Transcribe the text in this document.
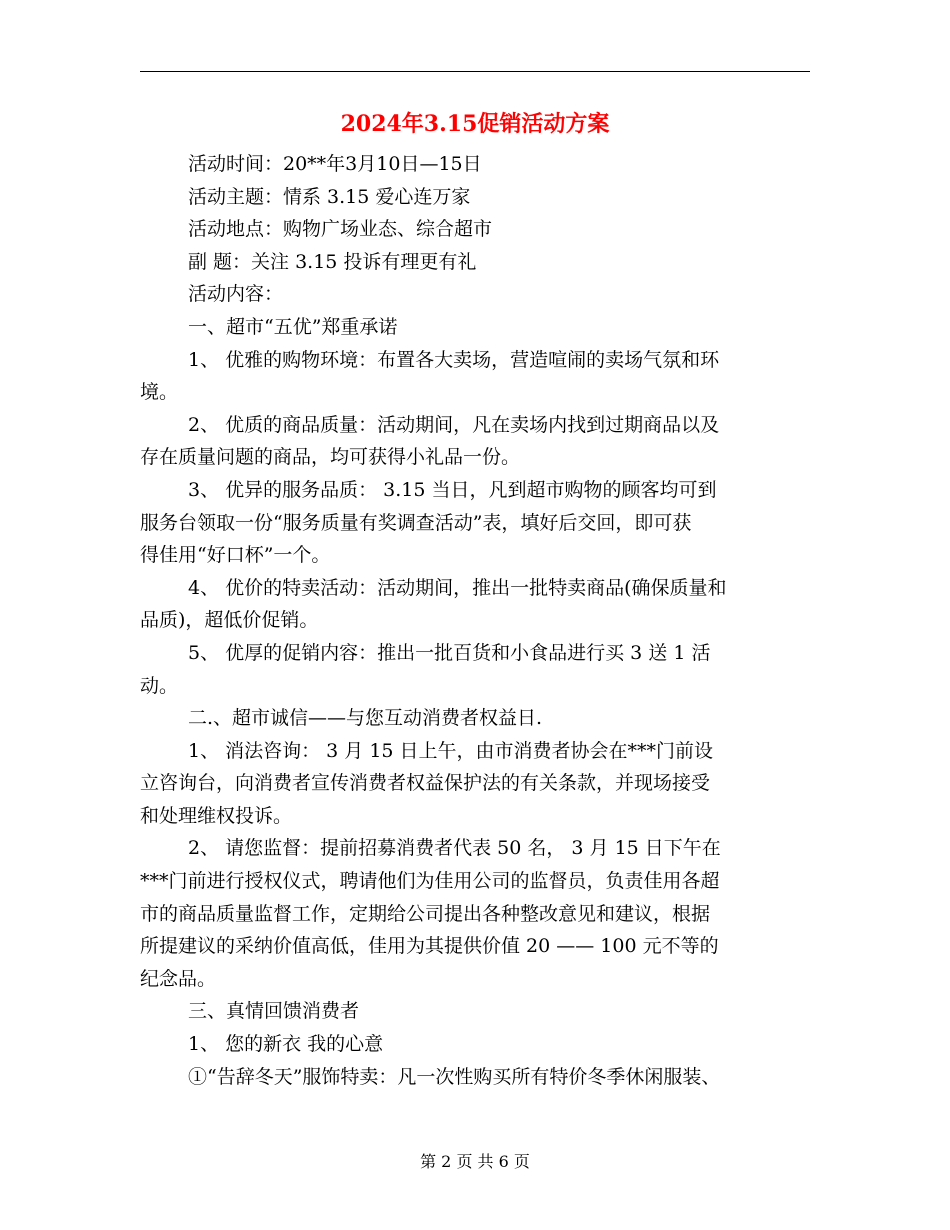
2024年3.15促销活动方案
活动时间：20**年3月10日—15日
活动主题：情系 3.15 爱心连万家
活动地点：购物广场业态、综合超市
副 题：关注 3.15 投诉有理更有礼
活动内容：
一、超市“五优”郑重承诺
1、 优雅的购物环境：布置各大卖场，营造喧闹的卖场气氛和环
境。
2、 优质的商品质量：活动期间，凡在卖场内找到过期商品以及
存在质量问题的商品，均可获得小礼品一份。
3、 优异的服务品质： 3.15 当日，凡到超市购物的顾客均可到
服务台领取一份“服务质量有奖调查活动”表，填好后交回，即可获
得佳用“好口杯”一个。
4、 优价的特卖活动：活动期间，推出一批特卖商品(确保质量和
品质)，超低价促销。
5、 优厚的促销内容：推出一批百货和小食品进行买 3 送 1 活
动。
二.、超市诚信——与您互动消费者权益日.
1、 消法咨询： 3 月 15 日上午，由市消费者协会在***门前设
立咨询台，向消费者宣传消费者权益保护法的有关条款，并现场接受
和处理维权投诉。
2、 请您监督：提前招募消费者代表 50 名， 3 月 15 日下午在
***门前进行授权仪式，聘请他们为佳用公司的监督员，负责佳用各超
市的商品质量监督工作，定期给公司提出各种整改意见和建议，根据
所提建议的采纳价值高低，佳用为其提供价值 20 —— 100 元不等的
纪念品。
三、真情回馈消费者
1、 您的新衣 我的心意
①“告辞冬天”服饰特卖：凡一次性购买所有特价冬季休闲服装、
第 2 页 共 6 页
